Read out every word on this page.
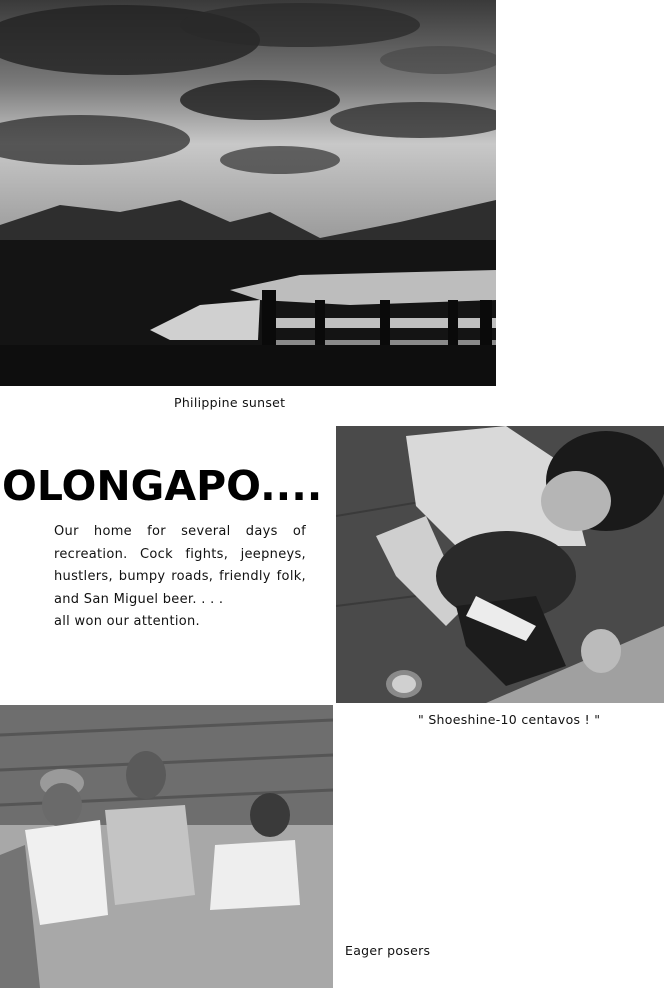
Philippine sunset
OLONGAPO....
Our home for several days of
recreation. Cock fights, jeepneys,
hustlers, bumpy roads, friendly folk,
and San Miguel beer. . . .
all won our attention.
" Shoeshine-10 centavos ! "
Eager posers
